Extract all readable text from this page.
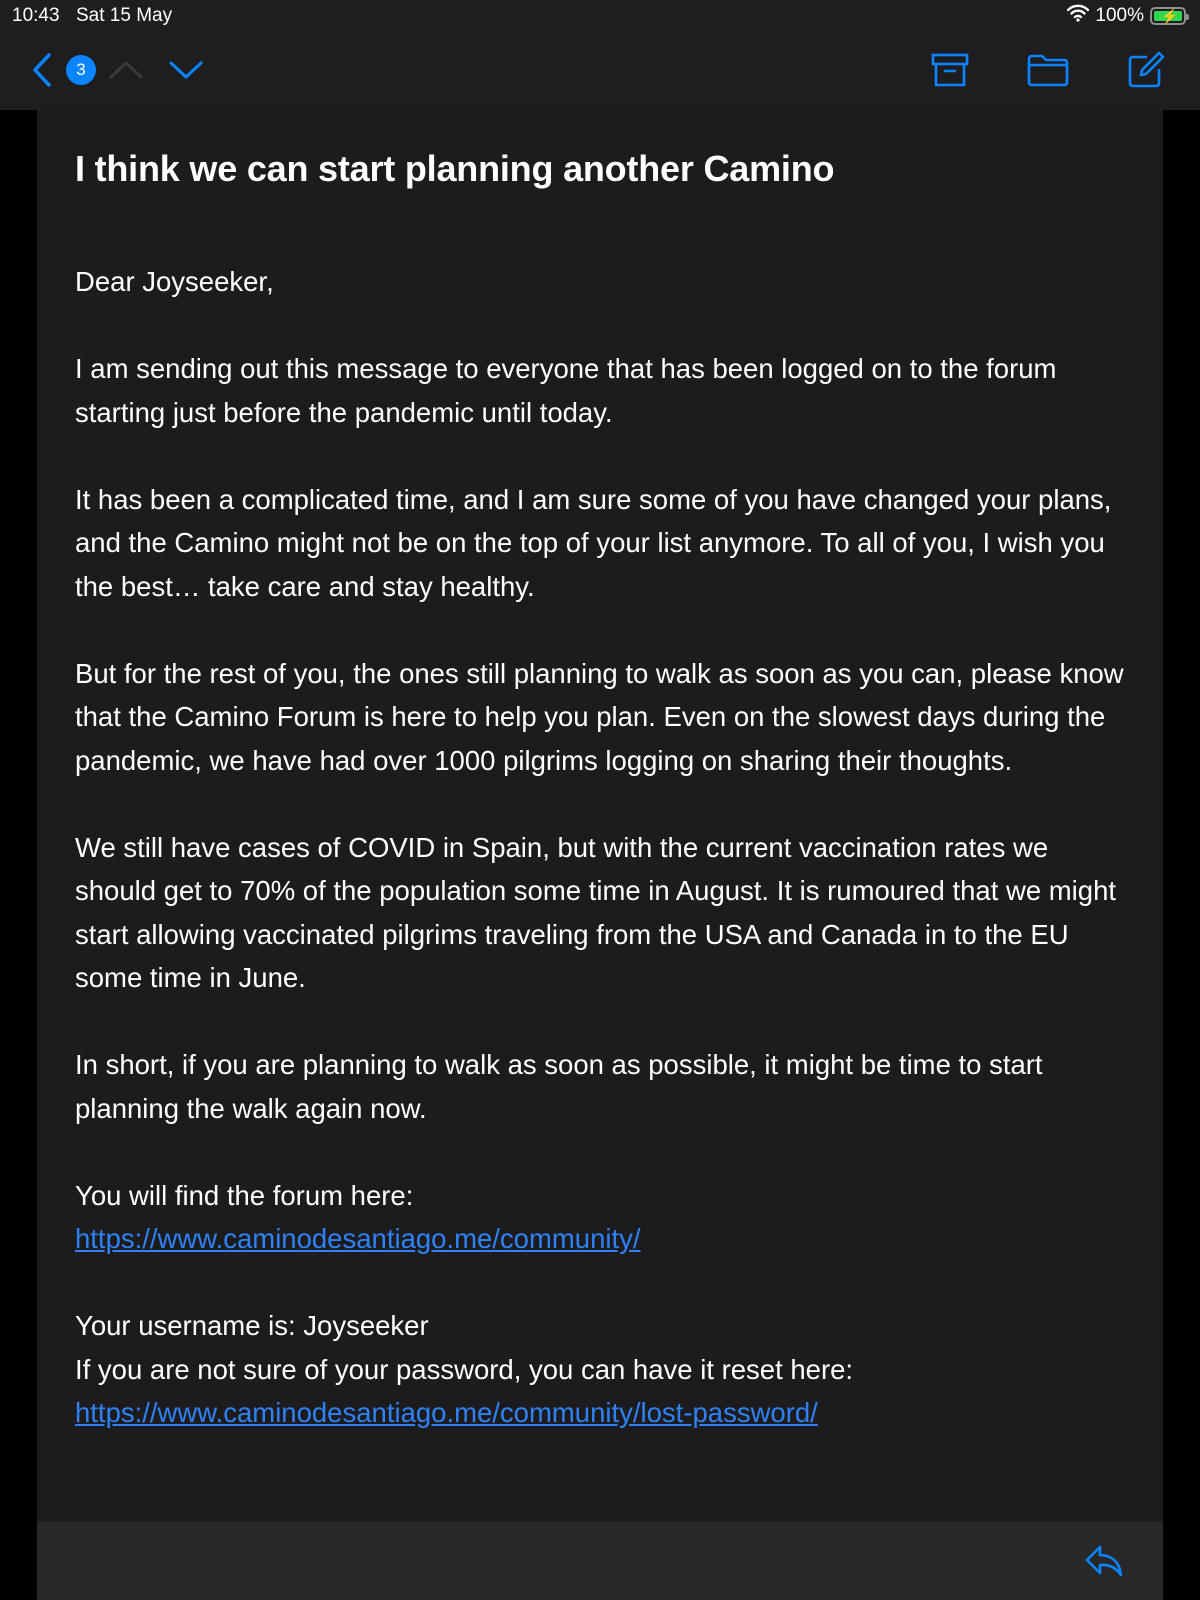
10:43 Sat 15 May	100% ⚡
3
I think we can start planning another Camino

Dear Joyseeker,

I am sending out this message to everyone that has been logged on to the forum starting just before the pandemic until today.

It has been a complicated time, and I am sure some of you have changed your plans, and the Camino might not be on the top of your list anymore. To all of you, I wish you the best… take care and stay healthy.

But for the rest of you, the ones still planning to walk as soon as you can, please know that the Camino Forum is here to help you plan. Even on the slowest days during the pandemic, we have had over 1000 pilgrims logging on sharing their thoughts.

We still have cases of COVID in Spain, but with the current vaccination rates we should get to 70% of the population some time in August. It is rumoured that we might start allowing vaccinated pilgrims traveling from the USA and Canada in to the EU some time in June.

In short, if you are planning to walk as soon as possible, it might be time to start planning the walk again now.

You will find the forum here:
https://www.caminodesantiago.me/community/

Your username is: Joyseeker
If you are not sure of your password, you can have it reset here:
https://www.caminodesantiago.me/community/lost-password/
